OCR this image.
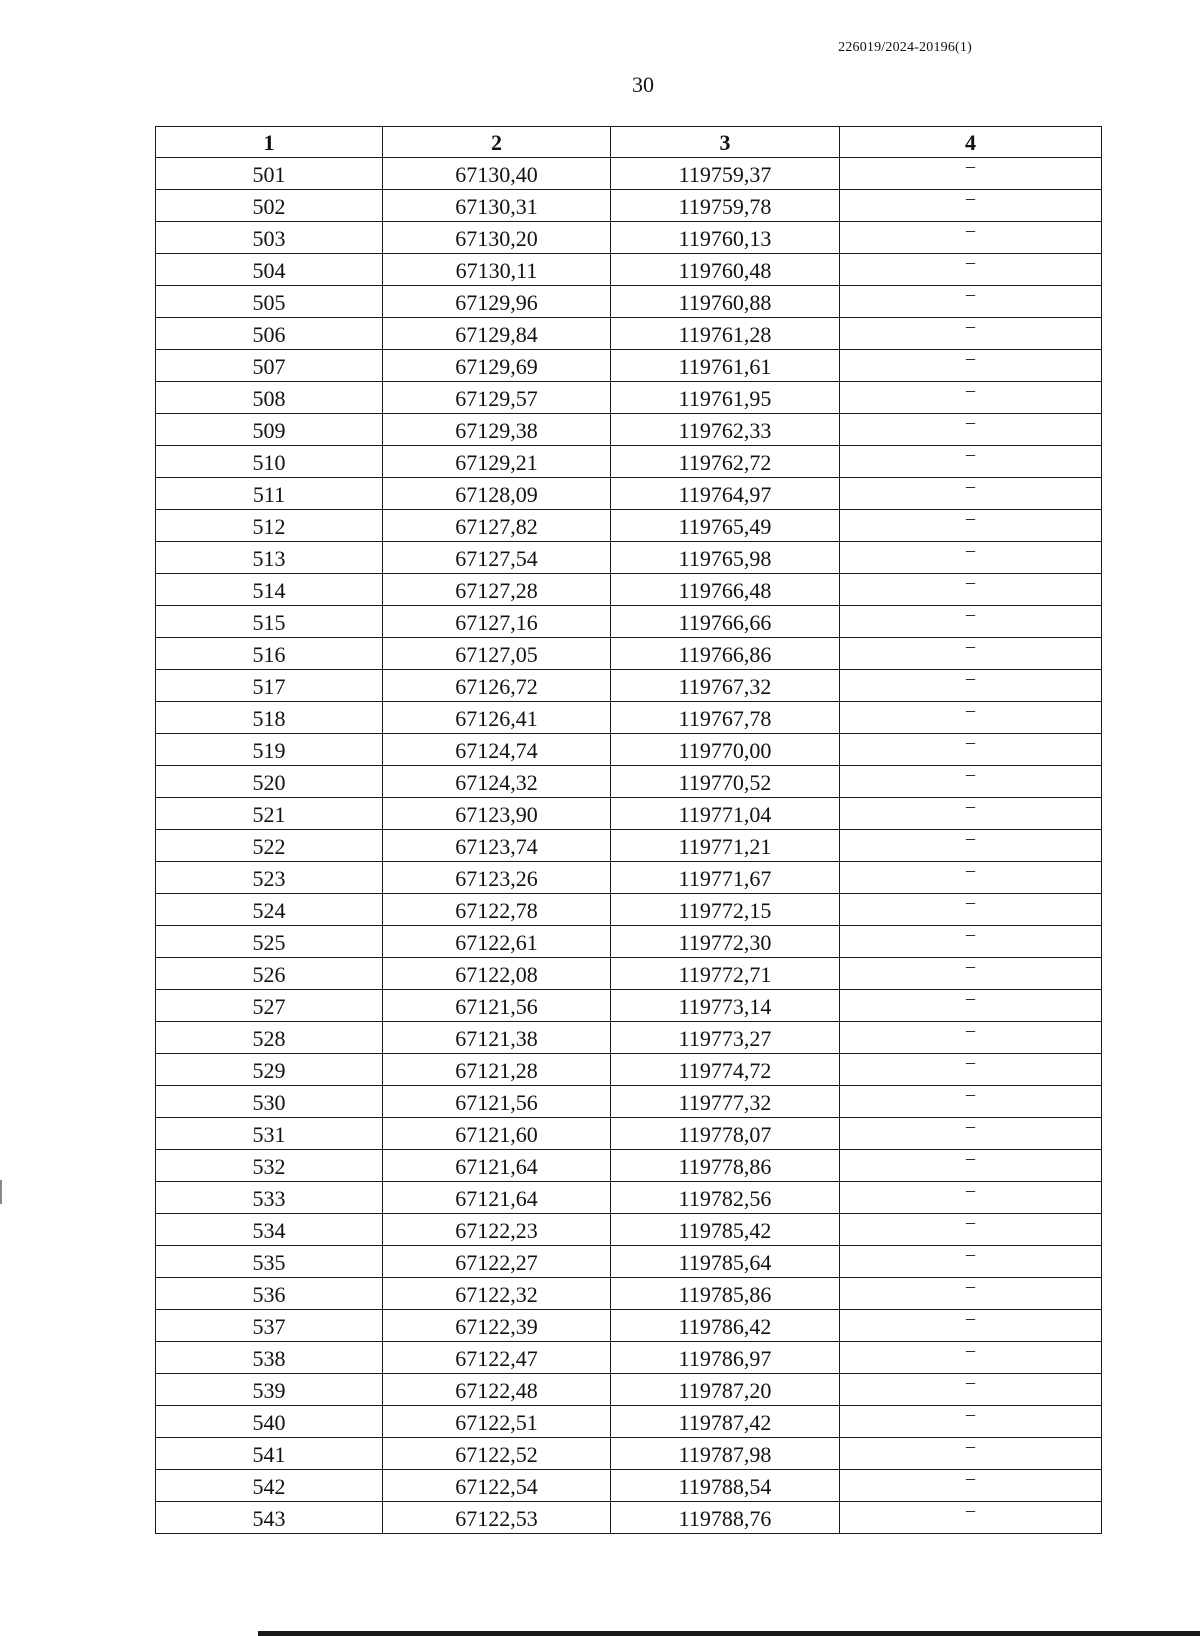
226019/2024-20196(1)
30
1	2	3	4
501	67130,40	119759,37	–
502	67130,31	119759,78	–
503	67130,20	119760,13	–
504	67130,11	119760,48	–
505	67129,96	119760,88	–
506	67129,84	119761,28	–
507	67129,69	119761,61	–
508	67129,57	119761,95	–
509	67129,38	119762,33	–
510	67129,21	119762,72	–
511	67128,09	119764,97	–
512	67127,82	119765,49	–
513	67127,54	119765,98	–
514	67127,28	119766,48	–
515	67127,16	119766,66	–
516	67127,05	119766,86	–
517	67126,72	119767,32	–
518	67126,41	119767,78	–
519	67124,74	119770,00	–
520	67124,32	119770,52	–
521	67123,90	119771,04	–
522	67123,74	119771,21	–
523	67123,26	119771,67	–
524	67122,78	119772,15	–
525	67122,61	119772,30	–
526	67122,08	119772,71	–
527	67121,56	119773,14	–
528	67121,38	119773,27	–
529	67121,28	119774,72	–
530	67121,56	119777,32	–
531	67121,60	119778,07	–
532	67121,64	119778,86	–
533	67121,64	119782,56	–
534	67122,23	119785,42	–
535	67122,27	119785,64	–
536	67122,32	119785,86	–
537	67122,39	119786,42	–
538	67122,47	119786,97	–
539	67122,48	119787,20	–
540	67122,51	119787,42	–
541	67122,52	119787,98	–
542	67122,54	119788,54	–
543	67122,53	119788,76	–
